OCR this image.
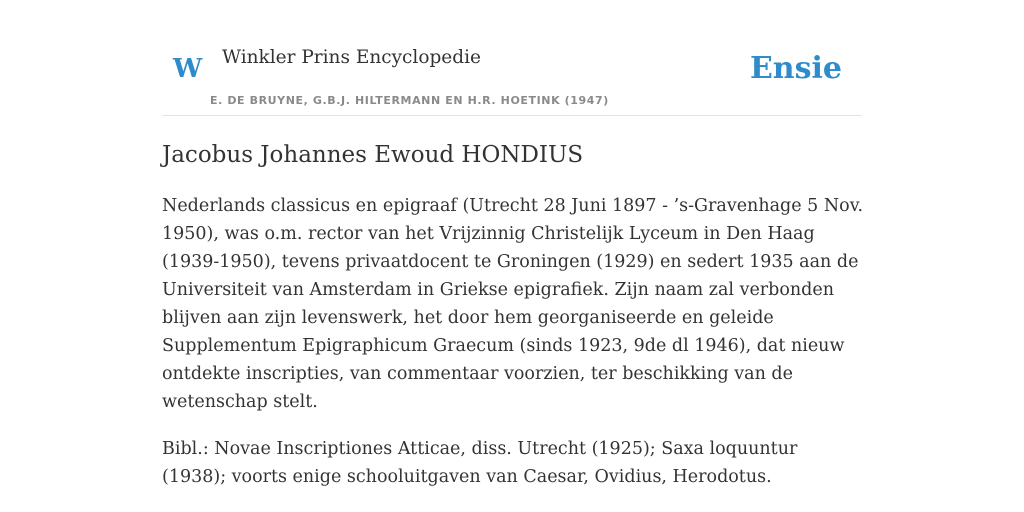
W Winkler Prins Encyclopedie
E. DE BRUYNE, G.B.J. HILTERMANN EN H.R. HOETINK (1947)
Ensie
Jacobus Johannes Ewoud HONDIUS

Nederlands classicus en epigraaf (Utrecht 28 Juni 1897 - ’s-Gravenhage 5 Nov. 1950), was o.m. rector van het Vrijzinnig Christelijk Lyceum in Den Haag (1939-1950), tevens privaatdocent te Groningen (1929) en sedert 1935 aan de Universiteit van Amsterdam in Griekse epigrafiek. Zijn naam zal verbonden blijven aan zijn levenswerk, het door hem georganiseerde en geleide Supplementum Epigraphicum Graecum (sinds 1923, 9de dl 1946), dat nieuw ontdekte inscripties, van commentaar voorzien, ter beschikking van de wetenschap stelt.

Bibl.: Novae Inscriptiones Atticae, diss. Utrecht (1925); Saxa loquuntur (1938); voorts enige schooluitgaven van Caesar, Ovidius, Herodotus.
